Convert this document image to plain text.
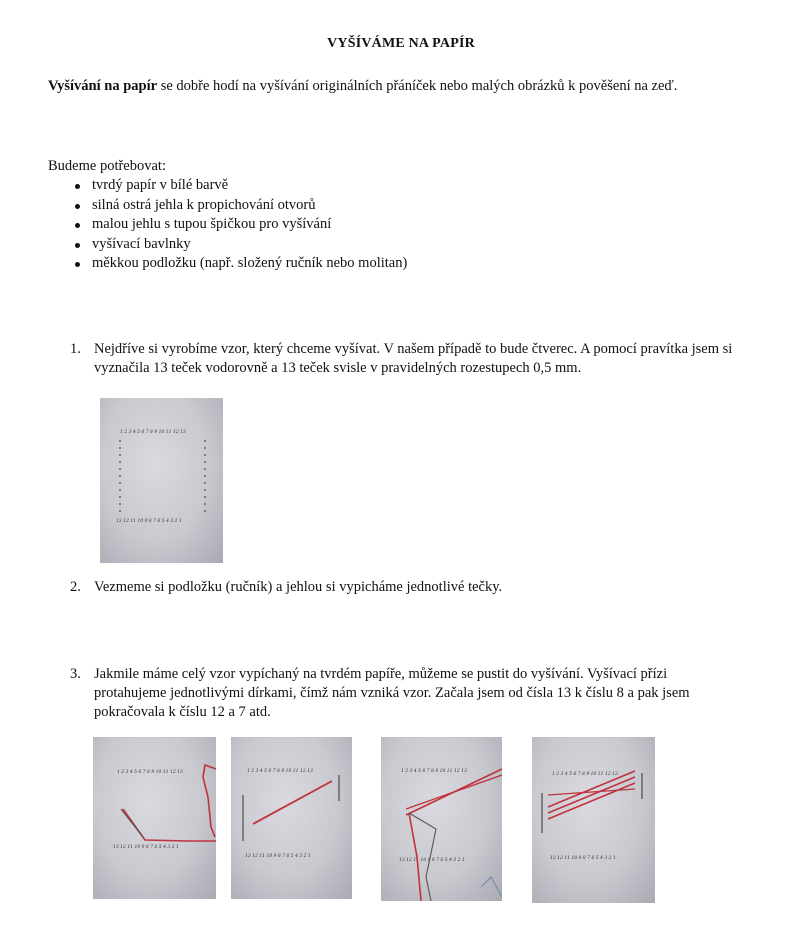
VYŠÍVÁME NA PAPÍR
Vyšívání na papír se dobře hodí na vyšívání originálních přáníček nebo malých obrázků k pověšení na zeď.
Budeme potřebovat:
tvrdý papír v bílé barvě
silná ostrá jehla k propichování otvorů
malou jehlu s tupou špičkou pro vyšívání
vyšívací bavlnky
měkkou podložku (např. složený ručník nebo molitan)
1. Nejdříve si vyrobíme vzor, který chceme vyšívat. V našem případě to bude čtverec. A pomocí pravítka jsem si vyznačila 13 teček vodorovně a 13 teček svisle v pravidelných rozestupech 0,5 mm.
1 2 3 4 5 6 7 8 9 10 11 12 13
13 12 11 10 9 8 7 6 5 4 3 2 1
2. Vezmeme si podložku (ručník) a jehlou si vypicháme jednotlivé tečky.
3. Jakmile máme celý vzor vypíchaný na tvrdém papíře, můžeme se pustit do vyšívání. Vyšívací přízi protahujeme jednotlivými dírkami, čímž nám vzniká vzor. Začala jsem od čísla 13 k číslu 8 a pak jsem pokračovala k číslu 12 a 7 atd.
1 2 3 4 5 6 7 8 9 10 11 12 13
13 12 11 10 9 8 7 6 5 4 3 2 1
1 2 3 4 5 6 7 8 9 10 11 12 13
13 12 11 10 9 8 7 6 5 4 3 2 1
1 2 3 4 5 6 7 8 9 10 11 12 13
13 12 11 10 9 8 7 6 5 4 3 2 1
1 2 3 4 5 6 7 8 9 10 11 12 13
13 12 11 10 9 8 7 6 5 4 3 2 1
